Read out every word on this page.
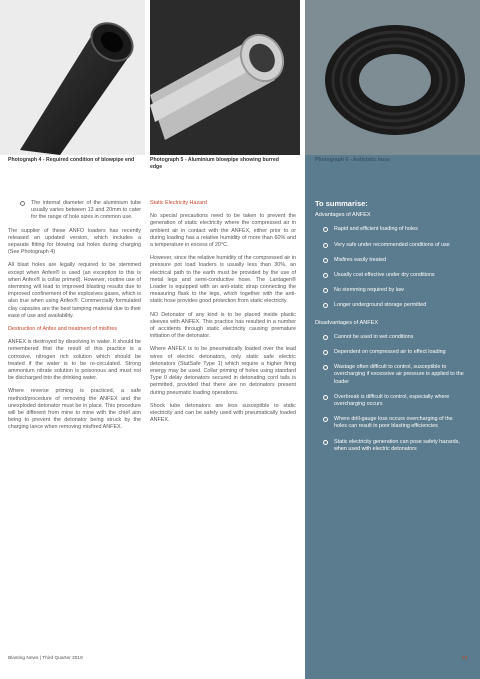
Photograph 4 - Required condition of blowpipe end	Photograph 5 - Aluminium blowpipe showing burred edge
Photograph 6 - Antistatic hose
The internal diameter of the aluminium tube usually varies between 13 and 20mm to cater for the range of hole sizes in common use.

The supplier of these ANFO loaders has recently released an updated version, which includes a separate fitting for blowing out holes during charging (See Photograph 4)

All blast holes are legally required to be stemmed except when Anfex® is used (an exception to this is when Anfex® is collar primed). However, routine use of stemming will lead to improved blasting results due to improved confinement of the explosives gases, which is also true when using Anfex®. Commercially formulated clay capsules are the best tamping material due to their ease of use and availability.

Destruction of Anfex and treatment of misfires

ANFEX is destroyed by dissolving in water. It should be remembered that the result of this practice is a corrosive, nitrogen rich solution which should be treated if the water is to be re-circulated. Strong ammonium nitrate solution is poisonous and must not be discharged into the drinking water.

Where reverse priming is practiced, a safe method/procedure of removing the ANFEX and the unexploded detonator must be in place. This procedure will be different from mine to mine with the chief aim being to prevent the detonator being struck by the charging lance when removing misfired ANFEX.

Static Electricity Hazard

No special precautions need to be taken to prevent the generation of static electricity where the compressed air in ambient air in contact with the ANFEX, either prior to or during loading has a relative humidity of more than 60% and a temperature in excess of 20°C.

However, since the relative humidity of the compressed air in pressure pot load loaders is usually less than 30%, an electrical path to the earth must be provided by the use of metal legs and semi-conductive hose. The Lantagen® Loader is equipped with an anti-static strap connecting the measuring flask to the legs, which together with the anti-static hose provides good protection from static electricity.

NO Detonator of any kind is to be placed inside plastic sleeves with ANFEX. This practice has resulted in a number of accidents through static electricity causing premature initiation of the detonator.

Where ANFEX is to be pneumatically loaded over the lead wires of electric detonators, only static safe electric detonators (StatSafe Type 1) which require a higher firing energy may be used. Collar priming of holes using standard Type 0 delay detonators secured in detonating cord tails is permitted, provided that there are no detonators present during pneumatic loading operations.

Shock tube detonators are less susceptible to static electricity and can be safely used with pneumatically loaded ANFEX.

To summarise:
Advantages of ANFEX
Rapid and efficient loading of holes
Very safe under recommended conditions of use
Misfires easily treated
Usually cost effective under dry conditions
No stemming required by law
Longer underground storage permitted
Disadvantages of ANFEX
Cannot be used in wet conditions
Dependent on compressed air to effect loading
Wastage often difficult to control, susceptible to overcharging if excessive air pressure is applied to the loader
Overbreak is difficult to control, especially where overcharging occurs
Where drill-gauge loss occurs overcharging of the holes can result in poor blasting efficiencies
Static electricity generation can pose safety hazards, when used with electric detonators
Blasting News | Third Quarter 2018	13
